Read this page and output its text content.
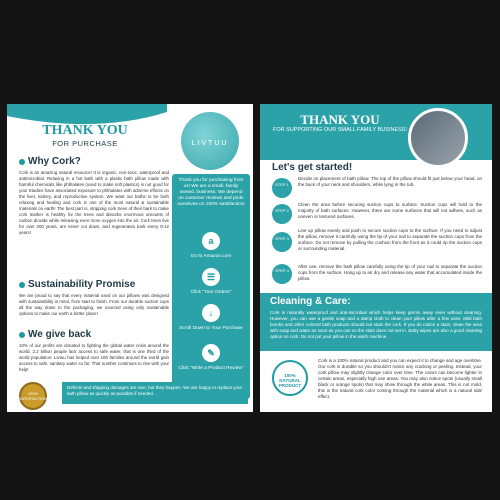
THANK YOU
FOR PURCHASE	LIVTUU
Why Cork?
Cork is an amazing natural resource! It is organic, non-toxic, waterproof and antimicrobial. Relaxing in a hot bath with a plastic bath pillow made with harmful chemicals like phthalates (used to make soft plastics) is not good for you! Studies have associated exposure to phthalates with adverse effects on the liver, kidney, and reproductive system. We want our baths to be both relaxing and healing and cork is one of the most natural & sustainable materials on earth! The best part is, stripping cork trees of their bark to make cork leather is healthy for the trees and absorbs enormous amounts of carbon dioxide while releasing even more oxygen into the air. Cork trees live for over 200 years, are never cut down, and regenerates bark every 9-12 years!
Sustainability Promise
We are proud to say that every material used on our pillows was designed with sustainability in mind, from start to finish. From our durable suction cups all the way down to the packaging, we sourced using only sustainable options to make our earth a better place!
We give back
10% of our profits are donated to fighting the global water crisis around the world. 2.2 billion people lack access to safe water, that is one third of the world population. Livtuu has helped over 100 families around the world gain access to safe, sanitary water so far. That number continues to rise with your help!
Thank you for purchasing from us! We are a small, family owned, business. We depend on customer reviews and pride ourselves on 100% satisfaction!
a
Go to Amazon.com
☰
Click "Your Orders"
↓
Scroll Down to Your Purchase
✎
Click "Write a Product Review"
100% SATISFACTION
Defects and shipping damages are rare, but they happen. We are happy to replace your bath pillow as quickly as possible if needed.
THANK YOU
FOR SUPPORTING OUR SMALL FAMILY BUSINESS!
Let's get started!
STEP 1
Decide on placement of bath pillow. The top of the pillow should fit just below your head, on the back of your neck and shoulders, while lying in the tub.
STEP 2
Clean the area before securing suction cups to surface. Suction cups will hold to the majority of bath surfaces. However, there are some surfaces that will not adhere, such as uneven or textured surfaces.
STEP 3
Line up pillow evenly and push to secure suction cups to the surface. If you need to adjust the pillow, remove it carefully using the tip of your nail to separate the suction cups from the surface. Do not remove by pulling the cushion from the front as it could rip the suction cups or surrounding material.
STEP 4
After use, remove the bath pillow carefully using the tip of your nail to separate the suction cups from the surface. Hang up to air dry and release any water that accumulated inside the pillow.
Cleaning & Care:
Cork is naturally waterproof and anti-microbial which helps keep germs away even without cleaning. However, you can use a gentle soap and a damp cloth to clean your pillow after a few uses. Mild bath bombs and other colored bath products should not stain the cork. If you do notice a stain, clean the area with soap and water as soon as you can so the stain does not set in. Baby wipes are also a good cleaning option on cork. Do not put your pillow in the wash machine.
100% NATURAL PRODUCT
Cork is a 100% natural product and you can expect it to change and age overtime. Our cork is durable so you shouldn't notice any cracking or peeling. Instead, your cork pillow may slightly change color over time. The colors can become lighter in certain areas, especially high use areas. You may also notice spots (usually small black or orange spots) that may show through the white areas. This is not mold, this is the natural cork color coming through the material which is a natural side effect.
